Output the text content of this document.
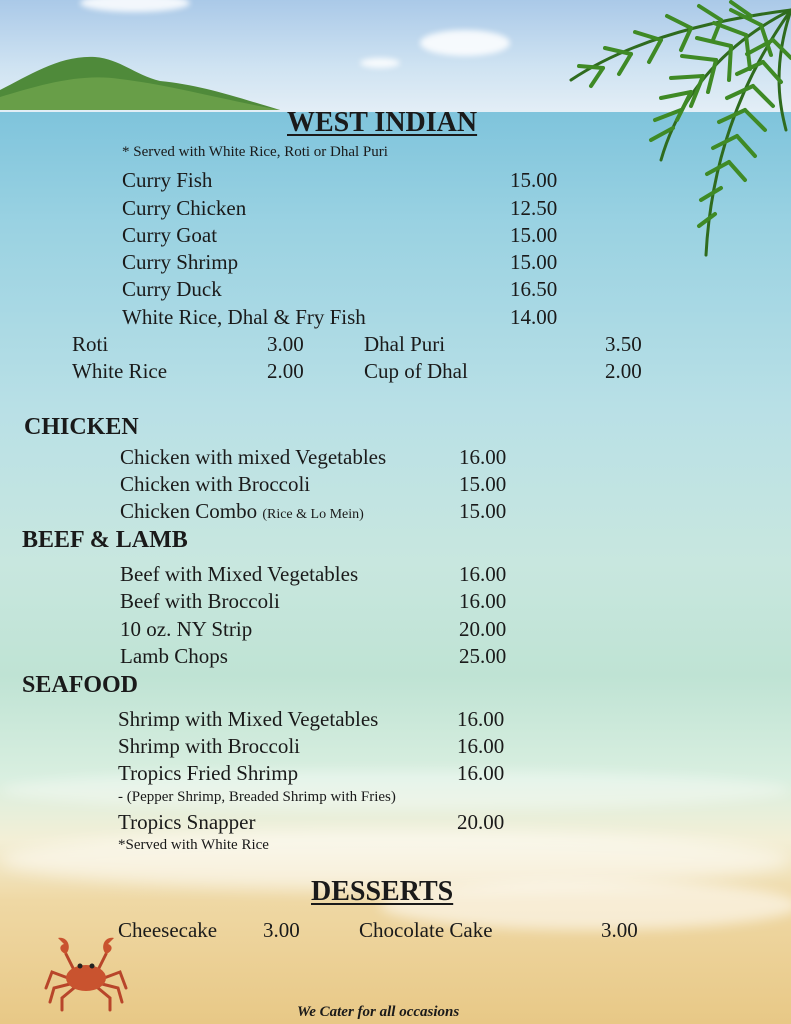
WEST INDIAN
* Served with White Rice, Roti or Dhal Puri
Curry Fish	15.00
Curry Chicken	12.50
Curry Goat	15.00
Curry Shrimp	15.00
Curry Duck	16.50
White Rice, Dhal & Fry Fish	14.00
Roti	3.00	Dhal Puri	3.50
White Rice	2.00	Cup of Dhal	2.00
CHICKEN
Chicken with mixed Vegetables	16.00
Chicken with Broccoli	15.00
Chicken Combo (Rice & Lo Mein)	15.00
BEEF & LAMB
Beef with Mixed Vegetables	16.00
Beef with Broccoli	16.00
10 oz. NY Strip	20.00
Lamb Chops	25.00
SEAFOOD
Shrimp with Mixed Vegetables	16.00
Shrimp with Broccoli	16.00
Tropics Fried Shrimp	16.00
- (Pepper Shrimp, Breaded Shrimp with Fries)
Tropics Snapper	20.00
*Served with White Rice
DESSERTS
Cheesecake 3.00	Chocolate Cake	3.00
We Cater for all occasions
